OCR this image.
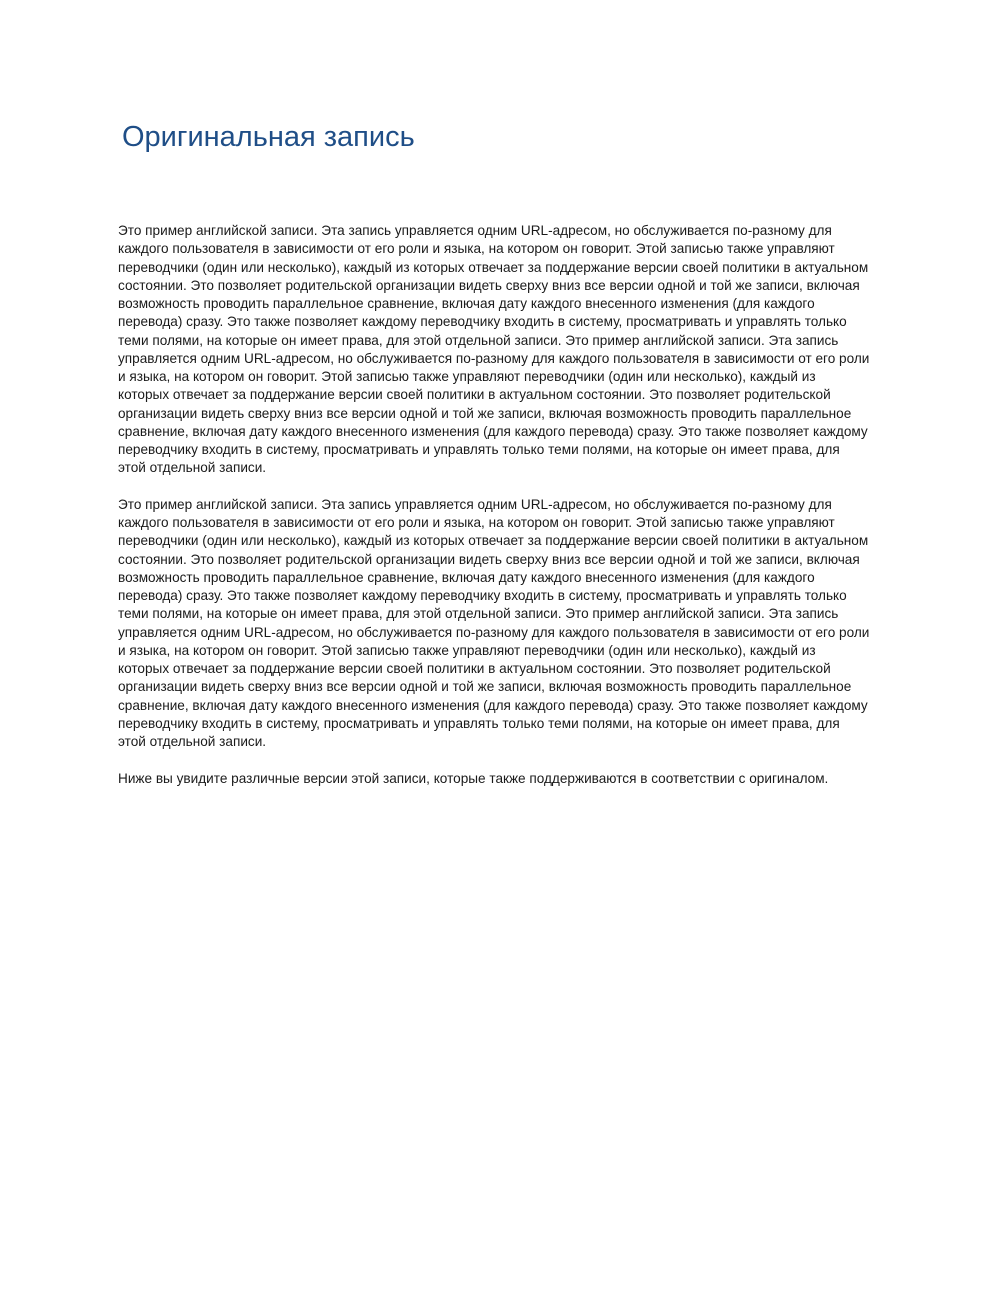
Оригинальная запись

Это пример английской записи. Эта запись управляется одним URL-адресом, но обслуживается по-разному для каждого пользователя в зависимости от его роли и языка, на котором он говорит. Этой записью также управляют переводчики (один или несколько), каждый из которых отвечает за поддержание версии своей политики в актуальном состоянии. Это позволяет родительской организации видеть сверху вниз все версии одной и той же записи, включая возможность проводить параллельное сравнение, включая дату каждого внесенного изменения (для каждого перевода) сразу. Это также позволяет каждому переводчику входить в систему, просматривать и управлять только теми полями, на которые он имеет права, для этой отдельной записи. Это пример английской записи. Эта запись управляется одним URL-адресом, но обслуживается по-разному для каждого пользователя в зависимости от его роли и языка, на котором он говорит. Этой записью также управляют переводчики (один или несколько), каждый из которых отвечает за поддержание версии своей политики в актуальном состоянии. Это позволяет родительской организации видеть сверху вниз все версии одной и той же записи, включая возможность проводить параллельное сравнение, включая дату каждого внесенного изменения (для каждого перевода) сразу. Это также позволяет каждому переводчику входить в систему, просматривать и управлять только теми полями, на которые он имеет права, для этой отдельной записи.

Это пример английской записи. Эта запись управляется одним URL-адресом, но обслуживается по-разному для каждого пользователя в зависимости от его роли и языка, на котором он говорит. Этой записью также управляют переводчики (один или несколько), каждый из которых отвечает за поддержание версии своей политики в актуальном состоянии. Это позволяет родительской организации видеть сверху вниз все версии одной и той же записи, включая возможность проводить параллельное сравнение, включая дату каждого внесенного изменения (для каждого перевода) сразу. Это также позволяет каждому переводчику входить в систему, просматривать и управлять только теми полями, на которые он имеет права, для этой отдельной записи. Это пример английской записи. Эта запись управляется одним URL-адресом, но обслуживается по-разному для каждого пользователя в зависимости от его роли и языка, на котором он говорит. Этой записью также управляют переводчики (один или несколько), каждый из которых отвечает за поддержание версии своей политики в актуальном состоянии. Это позволяет родительской организации видеть сверху вниз все версии одной и той же записи, включая возможность проводить параллельное сравнение, включая дату каждого внесенного изменения (для каждого перевода) сразу. Это также позволяет каждому переводчику входить в систему, просматривать и управлять только теми полями, на которые он имеет права, для этой отдельной записи.

Ниже вы увидите различные версии этой записи, которые также поддерживаются в соответствии с оригиналом.
